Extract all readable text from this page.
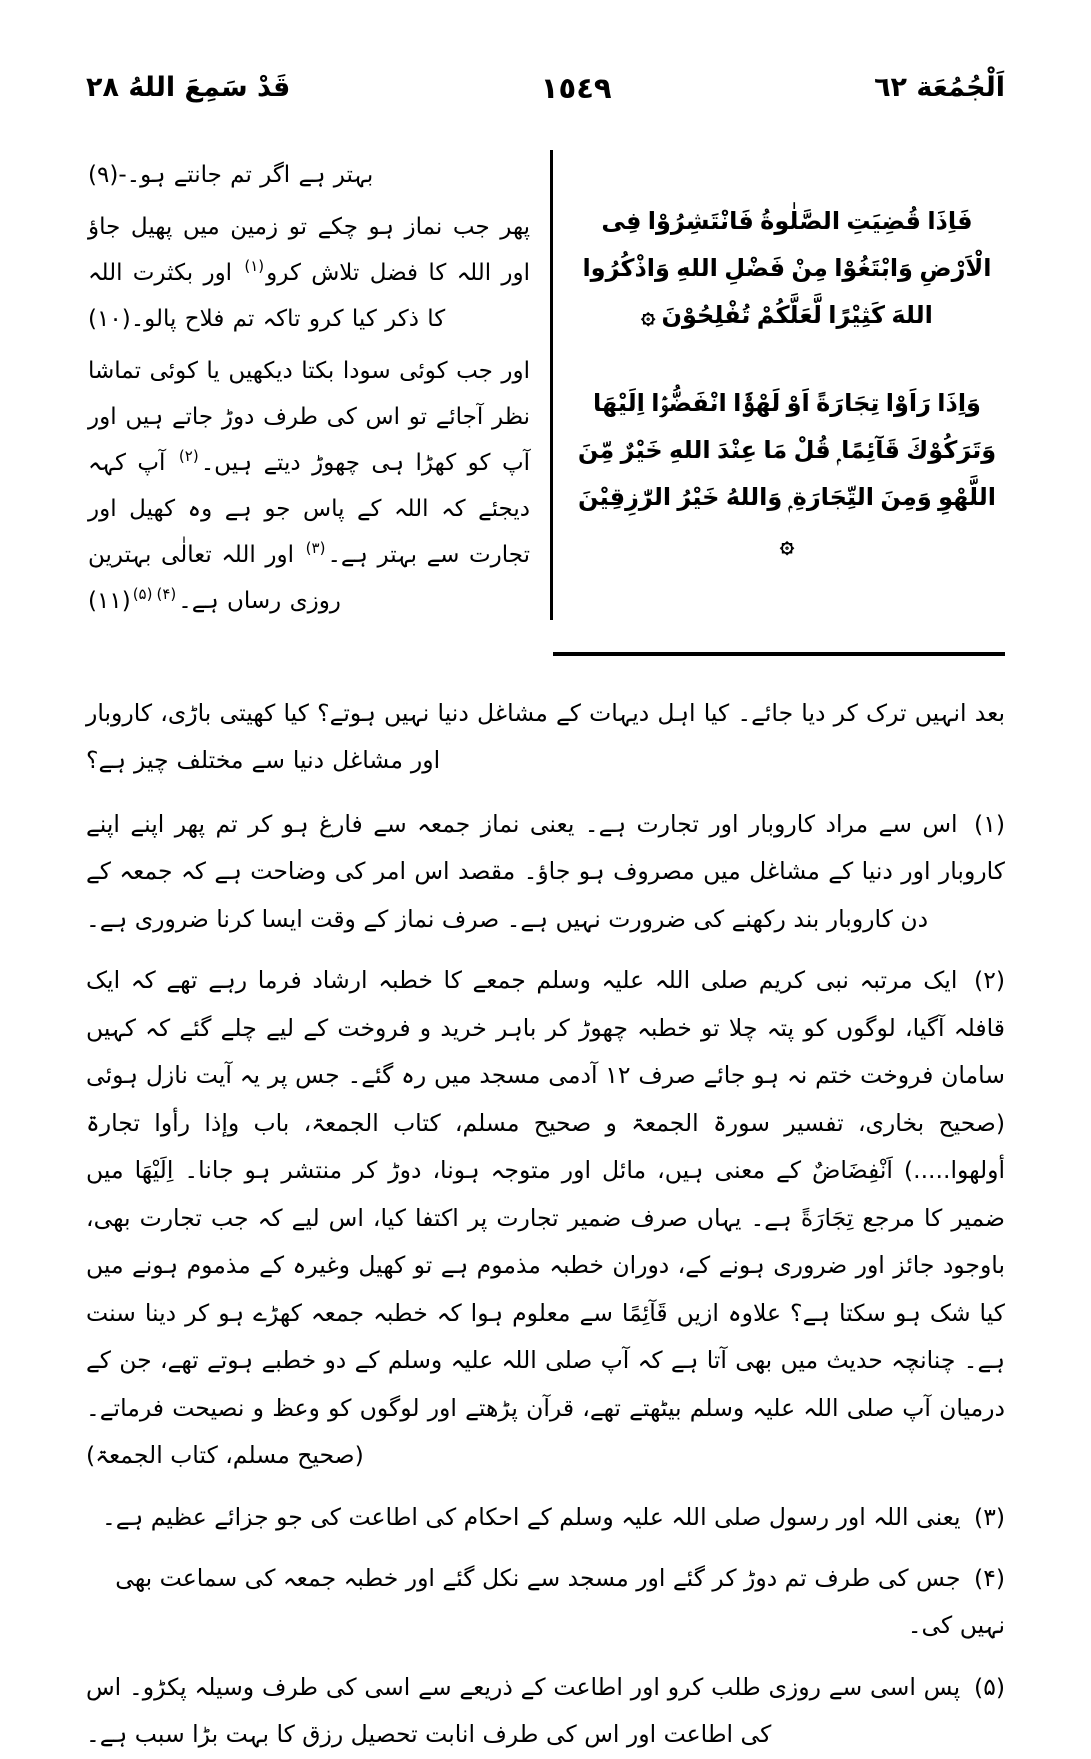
اَلْجُمُعَة ٦٢
١٥٤٩
قَدْ سَمِعَ اللهُ ٢٨
فَاِذَا قُضِيَتِ الصَّلٰوةُ فَانْتَشِرُوْا فِى الْاَرْضِ وَابْتَغُوْا مِنْ فَضْلِ اللهِ وَاذْكُرُوا اللهَ كَثِيْرًا لَّعَلَّكُمْ تُفْلِحُوْنَ ۞
وَاِذَا رَاَوْا تِجَارَةً اَوْ لَهْوَۨا انْفَضُّوْۤا اِلَيْهَا وَتَرَكُوْكَ قَآئِمًا ۭ قُلْ مَا عِنْدَ اللهِ خَيْرٌ مِّنَ اللَّهْوِ وَمِنَ التِّجَارَةِ ۭ وَاللهُ خَيْرُ الرّٰزِقِيْنَ ۞

بہتر ہے اگر تم جانتے ہو۔-(۹)

پھر جب نماز ہو چکے تو زمین میں پھیل جاؤ اور اللہ کا فضل تلاش کرو$^{(۱)}$ اور بکثرت اللہ کا ذکر کیا کرو تاکہ تم فلاح پالو۔(۱۰)

اور جب کوئی سودا بکتا دیکھیں یا کوئی تماشا نظر آجائے تو اس کی طرف دوڑ جاتے ہیں اور آپ کو کھڑا ہی چھوڑ دیتے ہیں۔$^{(۲)}$ آپ کہہ دیجئے کہ اللہ کے پاس جو ہے وہ کھیل اور تجارت سے بہتر ہے۔$^{(۳)}$ اور اللہ تعالٰی بہترین روزی رساں ہے۔$^{(۴)(۵)}$(۱۱)

بعد انہیں ترک کر دیا جائے۔ کیا اہل دیہات کے مشاغل دنیا نہیں ہوتے؟ کیا کھیتی باڑی، کاروبار اور مشاغل دنیا سے مختلف چیز ہے؟

(۱) اس سے مراد کاروبار اور تجارت ہے۔ یعنی نماز جمعہ سے فارغ ہو کر تم پھر اپنے اپنے کاروبار اور دنیا کے مشاغل میں مصروف ہو جاؤ۔ مقصد اس امر کی وضاحت ہے کہ جمعہ کے دن کاروبار بند رکھنے کی ضرورت نہیں ہے۔ صرف نماز کے وقت ایسا کرنا ضروری ہے۔

(۲) ایک مرتبہ نبی کریم صلی اللہ علیہ وسلم جمعے کا خطبہ ارشاد فرما رہے تھے کہ ایک قافلہ آگیا، لوگوں کو پتہ چلا تو خطبہ چھوڑ کر باہر خرید و فروخت کے لیے چلے گئے کہ کہیں سامان فروخت ختم نہ ہو جائے صرف ۱۲ آدمی مسجد میں رہ گئے۔ جس پر یہ آیت نازل ہوئی (صحیح بخاری، تفسیر سورۃ الجمعۃ و صحیح مسلم، کتاب الجمعۃ، باب وإذا رأوا تجارۃ أولهوا.....) اَنْفِضَاضٌ کے معنی ہیں، مائل اور متوجہ ہونا، دوڑ کر منتشر ہو جانا۔ اِلَیْهَا میں ضمیر کا مرجع تِجَارَةً ہے۔ یہاں صرف ضمیر تجارت پر اکتفا کیا، اس لیے کہ جب تجارت بھی، باوجود جائز اور ضروری ہونے کے، دوران خطبہ مذموم ہے تو کھیل وغیرہ کے مذموم ہونے میں کیا شک ہو سکتا ہے؟ علاوہ ازیں قَآئِمًا سے معلوم ہوا کہ خطبہ جمعہ کھڑے ہو کر دینا سنت ہے۔ چنانچہ حدیث میں بھی آتا ہے کہ آپ صلی اللہ علیہ وسلم کے دو خطبے ہوتے تھے، جن کے درمیان آپ صلی اللہ علیہ وسلم بیٹھتے تھے، قرآن پڑھتے اور لوگوں کو وعظ و نصیحت فرماتے۔ (صحیح مسلم، کتاب الجمعۃ)

(۳) یعنی اللہ اور رسول صلی اللہ علیہ وسلم کے احکام کی اطاعت کی جو جزائے عظیم ہے۔

(۴) جس کی طرف تم دوڑ کر گئے اور مسجد سے نکل گئے اور خطبہ جمعہ کی سماعت بھی نہیں کی۔

(۵) پس اسی سے روزی طلب کرو اور اطاعت کے ذریعے سے اسی کی طرف وسیلہ پکڑو۔ اس کی اطاعت اور اس کی طرف انابت تحصیل رزق کا بہت بڑا سبب ہے۔
